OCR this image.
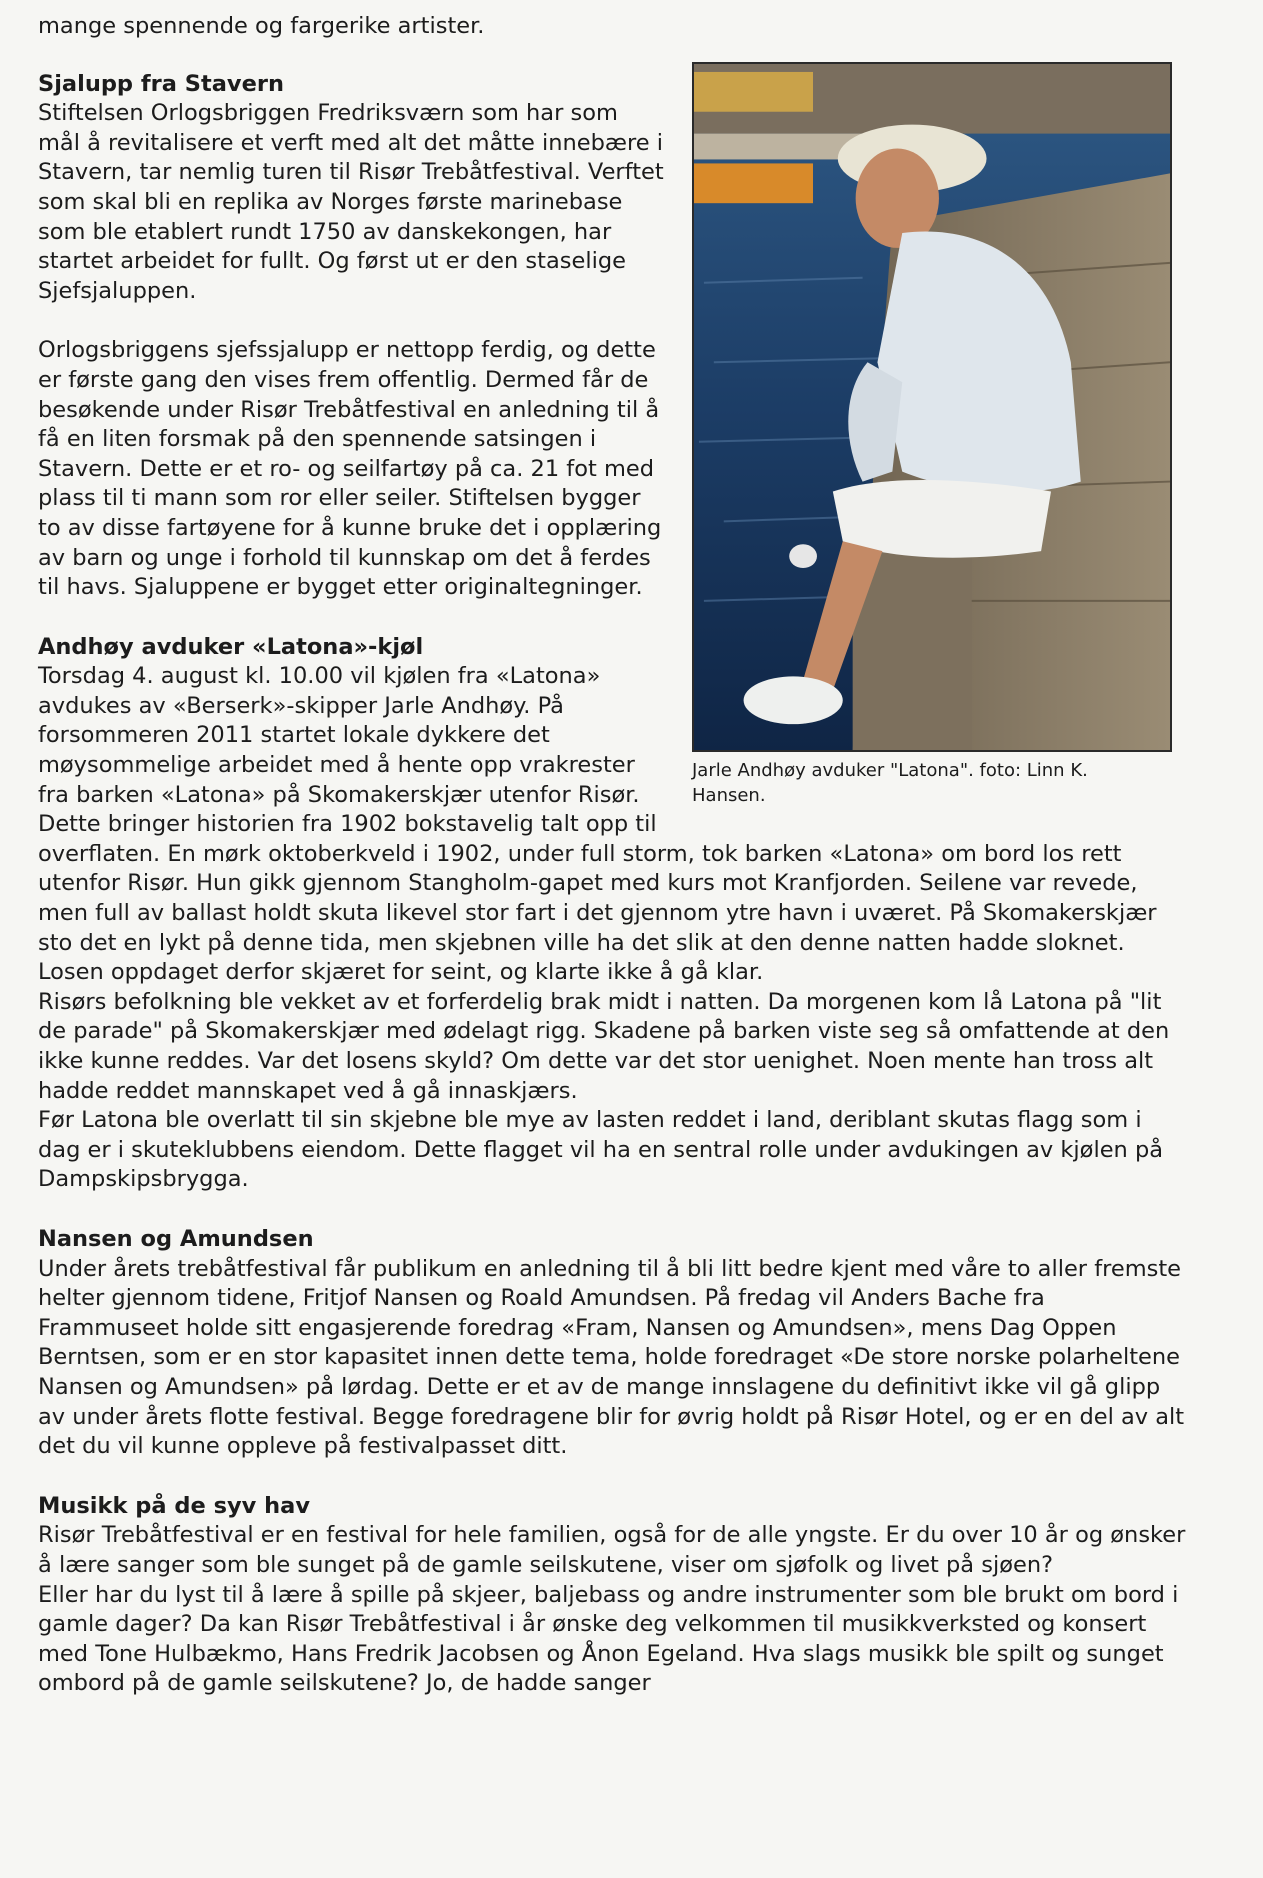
mange spennende og fargerike artister.

Jarle Andhøy avduker "Latona". foto: Linn K. Hansen.
Sjalupp fra Stavern

Stiftelsen Orlogsbriggen Fredriksværn som har som mål å revitalisere et verft med alt det måtte innebære i Stavern, tar nemlig turen til Risør Trebåtfestival. Verftet som skal bli en replika av Norges første marinebase som ble etablert rundt 1750 av danskekongen, har startet arbeidet for fullt. Og først ut er den staselige Sjefsjaluppen.

Orlogsbriggens sjefssjalupp er nettopp ferdig, og dette er første gang den vises frem offentlig. Dermed får de besøkende under Risør Trebåtfestival en anledning til å få en liten forsmak på den spennende satsingen i Stavern. Dette er et ro- og seilfartøy på ca. 21 fot med plass til ti mann som ror eller seiler. Stiftelsen bygger to av disse fartøyene for å kunne bruke det i opplæring av barn og unge i forhold til kunnskap om det å ferdes til havs. Sjaluppene er bygget etter originaltegninger.

Andhøy avduker «Latona»-kjøl

Torsdag 4. august kl. 10.00 vil kjølen fra «Latona» avdukes av «Berserk»-skipper Jarle Andhøy. På forsommeren 2011 startet lokale dykkere det møysommelige arbeidet med å hente opp vrakrester fra barken «Latona» på Skomakerskjær utenfor Risør. Dette bringer historien fra 1902 bokstavelig talt opp til overflaten. En mørk oktoberkveld i 1902, under full storm, tok barken «Latona» om bord los rett utenfor Risør. Hun gikk gjennom Stangholm-gapet med kurs mot Kranfjorden. Seilene var revede, men full av ballast holdt skuta likevel stor fart i det gjennom ytre havn i uværet. På Skomakerskjær sto det en lykt på denne tida, men skjebnen ville ha det slik at den denne natten hadde sloknet. Losen oppdaget derfor skjæret for seint, og klarte ikke å gå klar.

Risørs befolkning ble vekket av et forferdelig brak midt i natten. Da morgenen kom lå Latona på "lit de parade" på Skomakerskjær med ødelagt rigg. Skadene på barken viste seg så omfattende at den ikke kunne reddes. Var det losens skyld? Om dette var det stor uenighet. Noen mente han tross alt hadde reddet mannskapet ved å gå innaskjærs.

Før Latona ble overlatt til sin skjebne ble mye av lasten reddet i land, deriblant skutas flagg som i dag er i skuteklubbens eiendom. Dette flagget vil ha en sentral rolle under avdukingen av kjølen på Dampskipsbrygga.

Nansen og Amundsen

Under årets trebåtfestival får publikum en anledning til å bli litt bedre kjent med våre to aller fremste helter gjennom tidene, Fritjof Nansen og Roald Amundsen. På fredag vil Anders Bache fra Frammuseet holde sitt engasjerende foredrag «Fram, Nansen og Amundsen», mens Dag Oppen Berntsen, som er en stor kapasitet innen dette tema, holde foredraget «De store norske polarheltene Nansen og Amundsen» på lørdag. Dette er et av de mange innslagene du definitivt ikke vil gå glipp av under årets flotte festival. Begge foredragene blir for øvrig holdt på Risør Hotel, og er en del av alt det du vil kunne oppleve på festivalpasset ditt.

Musikk på de syv hav

Risør Trebåtfestival er en festival for hele familien, også for de alle yngste. Er du over 10 år og ønsker å lære sanger som ble sunget på de gamle seilskutene, viser om sjøfolk og livet på sjøen?

Eller har du lyst til å lære å spille på skjeer, baljebass og andre instrumenter som ble brukt om bord i gamle dager? Da kan Risør Trebåtfestival i år ønske deg velkommen til musikkverksted og konsert med Tone Hulbækmo, Hans Fredrik Jacobsen og Ånon Egeland. Hva slags musikk ble spilt og sunget ombord på de gamle seilskutene? Jo, de hadde sanger
